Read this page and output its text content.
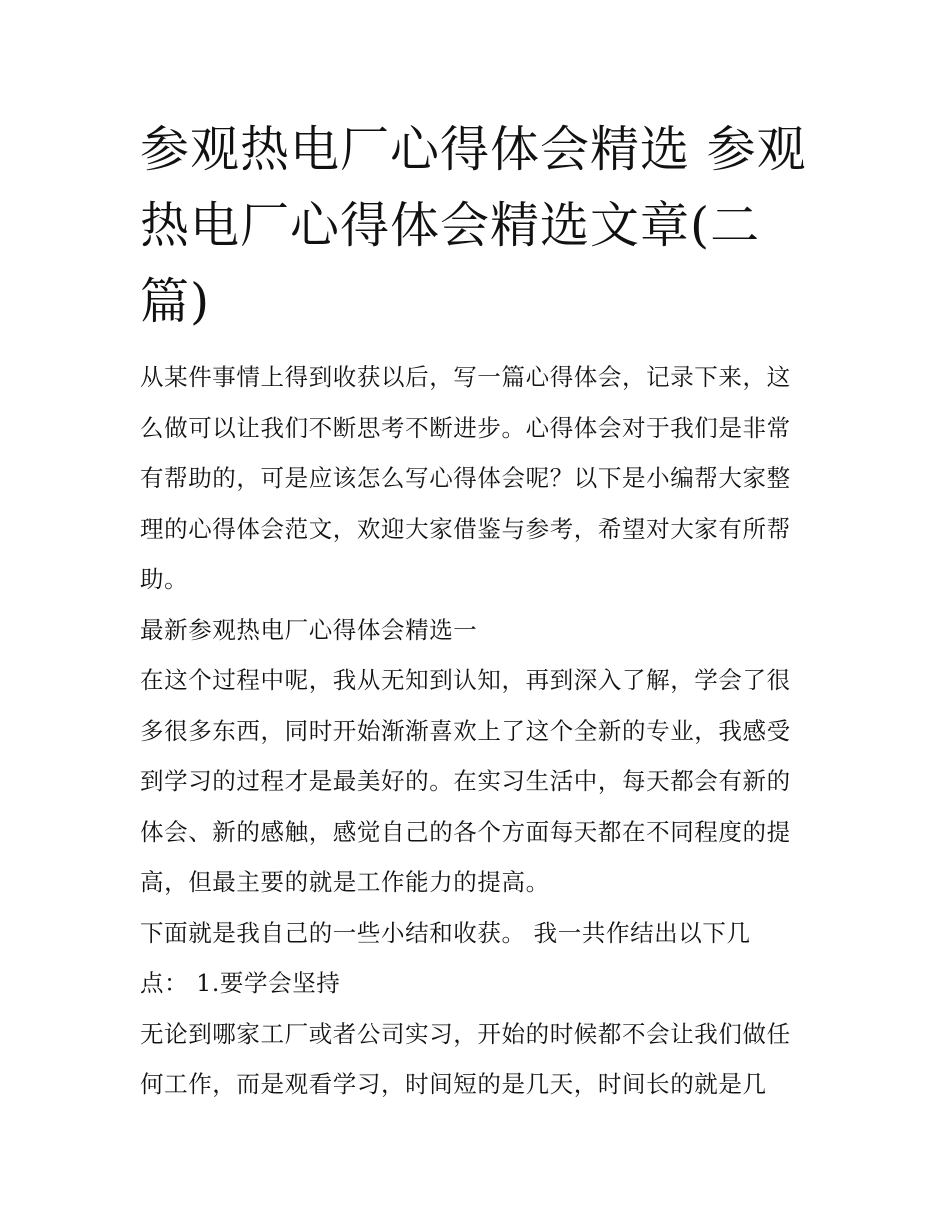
参观热电厂心得体会精选 参观
热电厂心得体会精选文章(二
篇)

从某件事情上得到收获以后，写一篇心得体会，记录下来，这
么做可以让我们不断思考不断进步。心得体会对于我们是非常
有帮助的，可是应该怎么写心得体会呢？以下是小编帮大家整
理的心得体会范文，欢迎大家借鉴与参考，希望对大家有所帮
助。

最新参观热电厂心得体会精选一

在这个过程中呢，我从无知到认知，再到深入了解，学会了很
多很多东西，同时开始渐渐喜欢上了这个全新的专业，我感受
到学习的过程才是最美好的。在实习生活中，每天都会有新的
体会、新的感触，感觉自己的各个方面每天都在不同程度的提
高，但最主要的就是工作能力的提高。

下面就是我自己的一些小结和收获。 我一共作结出以下几
点： 1.要学会坚持

无论到哪家工厂或者公司实习，开始的时候都不会让我们做任
何工作，而是观看学习，时间短的是几天，时间长的就是几
